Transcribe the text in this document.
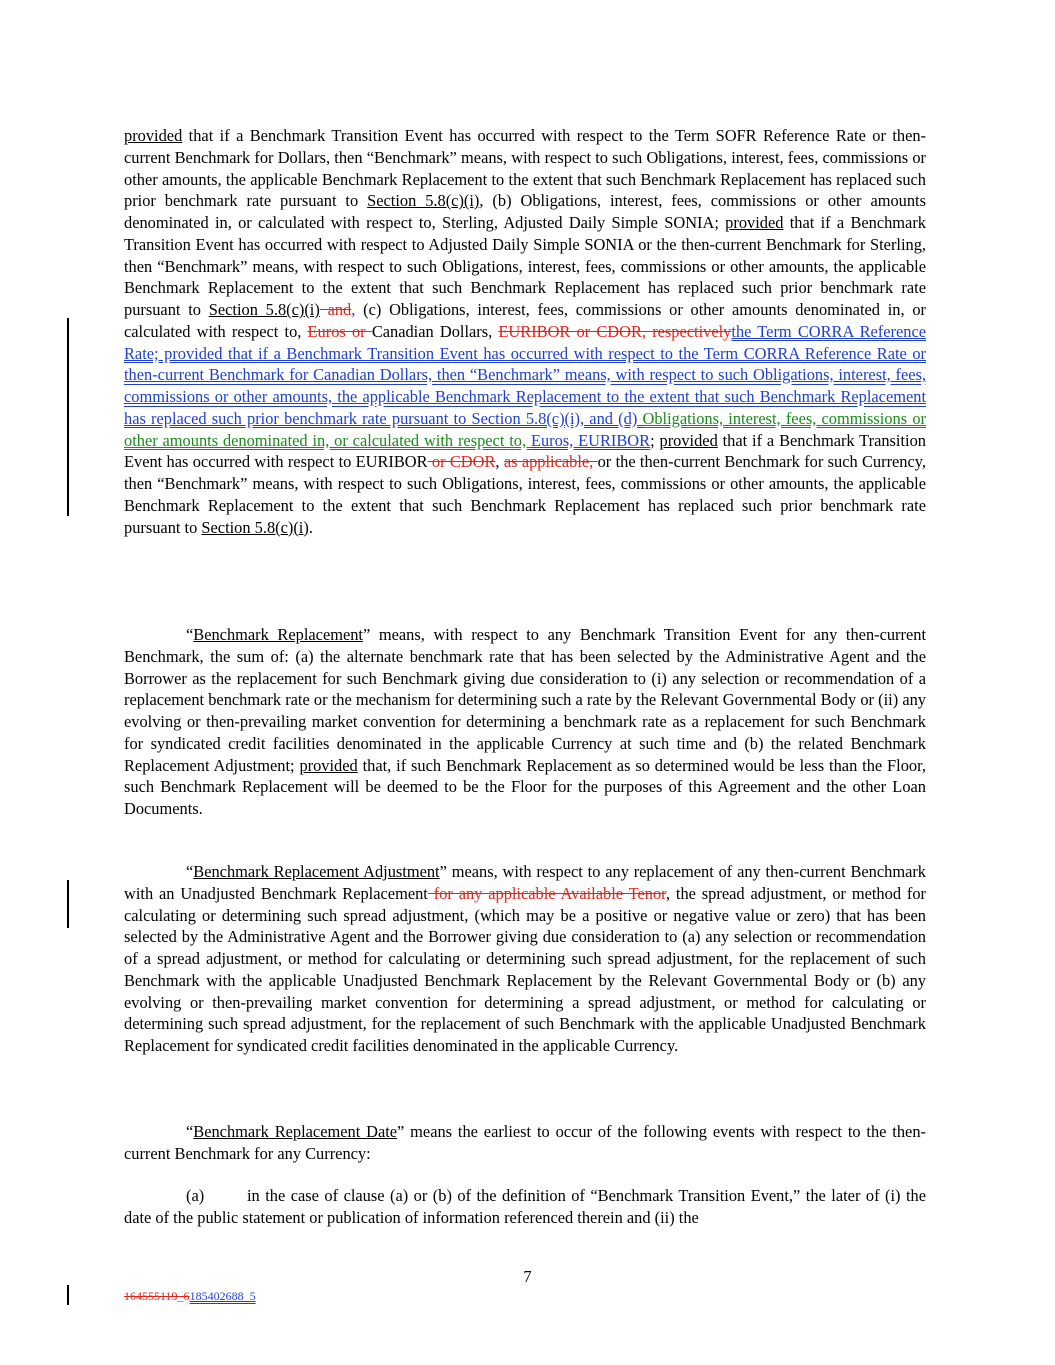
provided that if a Benchmark Transition Event has occurred with respect to the Term SOFR Reference Rate or then-current Benchmark for Dollars, then “Benchmark” means, with respect to such Obligations, interest, fees, commissions or other amounts, the applicable Benchmark Replacement to the extent that such Benchmark Replacement has replaced such prior benchmark rate pursuant to Section 5.8(c)(i), (b) Obligations, interest, fees, commissions or other amounts denominated in, or calculated with respect to, Sterling, Adjusted Daily Simple SONIA; provided that if a Benchmark Transition Event has occurred with respect to Adjusted Daily Simple SONIA or the then-current Benchmark for Sterling, then “Benchmark” means, with respect to such Obligations, interest, fees, commissions or other amounts, the applicable Benchmark Replacement to the extent that such Benchmark Replacement has replaced such prior benchmark rate pursuant to Section 5.8(c)(i) and, (c) Obligations, interest, fees, commissions or other amounts denominated in, or calculated with respect to, Euros or Canadian Dollars, EURIBOR or CDOR, respectivelythe Term CORRA Reference Rate; provided that if a Benchmark Transition Event has occurred with respect to the Term CORRA Reference Rate or then-current Benchmark for Canadian Dollars, then “Benchmark” means, with respect to such Obligations, interest, fees, commissions or other amounts, the applicable Benchmark Replacement to the extent that such Benchmark Replacement has replaced such prior benchmark rate pursuant to Section 5.8(c)(i), and (d) Obligations, interest, fees, commissions or other amounts denominated in, or calculated with respect to, Euros, EURIBOR; provided that if a Benchmark Transition Event has occurred with respect to EURIBOR or CDOR, as applicable, or the then-current Benchmark for such Currency, then “Benchmark” means, with respect to such Obligations, interest, fees, commissions or other amounts, the applicable Benchmark Replacement to the extent that such Benchmark Replacement has replaced such prior benchmark rate pursuant to Section 5.8(c)(i).

“Benchmark Replacement” means, with respect to any Benchmark Transition Event for any then-current Benchmark, the sum of: (a) the alternate benchmark rate that has been selected by the Administrative Agent and the Borrower as the replacement for such Benchmark giving due consideration to (i) any selection or recommendation of a replacement benchmark rate or the mechanism for determining such a rate by the Relevant Governmental Body or (ii) any evolving or then-prevailing market convention for determining a benchmark rate as a replacement for such Benchmark for syndicated credit facilities denominated in the applicable Currency at such time and (b) the related Benchmark Replacement Adjustment; provided that, if such Benchmark Replacement as so determined would be less than the Floor, such Benchmark Replacement will be deemed to be the Floor for the purposes of this Agreement and the other Loan Documents.

“Benchmark Replacement Adjustment” means, with respect to any replacement of any then-current Benchmark with an Unadjusted Benchmark Replacement for any applicable Available Tenor, the spread adjustment, or method for calculating or determining such spread adjustment, (which may be a positive or negative value or zero) that has been selected by the Administrative Agent and the Borrower giving due consideration to (a) any selection or recommendation of a spread adjustment, or method for calculating or determining such spread adjustment, for the replacement of such Benchmark with the applicable Unadjusted Benchmark Replacement by the Relevant Governmental Body or (b) any evolving or then-prevailing market convention for determining a spread adjustment, or method for calculating or determining such spread adjustment, for the replacement of such Benchmark with the applicable Unadjusted Benchmark Replacement for syndicated credit facilities denominated in the applicable Currency.

“Benchmark Replacement Date” means the earliest to occur of the following events with respect to the then-current Benchmark for any Currency:

(a)	in the case of clause (a) or (b) of the definition of “Benchmark Transition Event,” the later of (i) the date of the public statement or publication of information referenced therein and (ii) the

7
164555119_6185402688_5
